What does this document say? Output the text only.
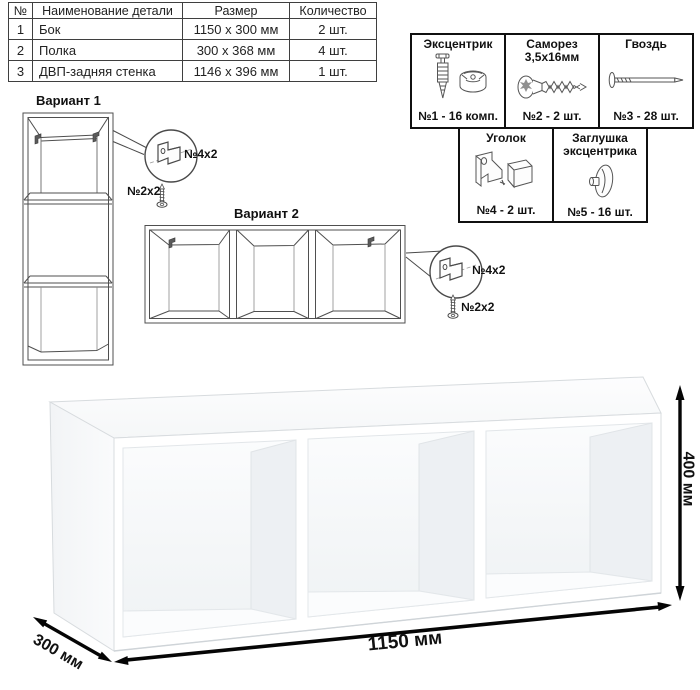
№	Наименование детали	Размер	Количество
1	Бок	1150 x 300 мм	2 шт.
2	Полка	300 x 368 мм	4 шт.
3	ДВП-задняя стенка	1146 x 396 мм	1 шт.
Эксцентрик
№1 - 16 комп.
Саморез 3,5x16мм
№2 - 2 шт.
Гвоздь
№3 - 28 шт.
Уголок
№4 - 2 шт.
Заглушка эксцентрика
№5 - 16 шт.
Вариант 1
Вариант 2
№4x2
№2x2
№4x2
№2x2
1150 мм
300 мм
400 мм
